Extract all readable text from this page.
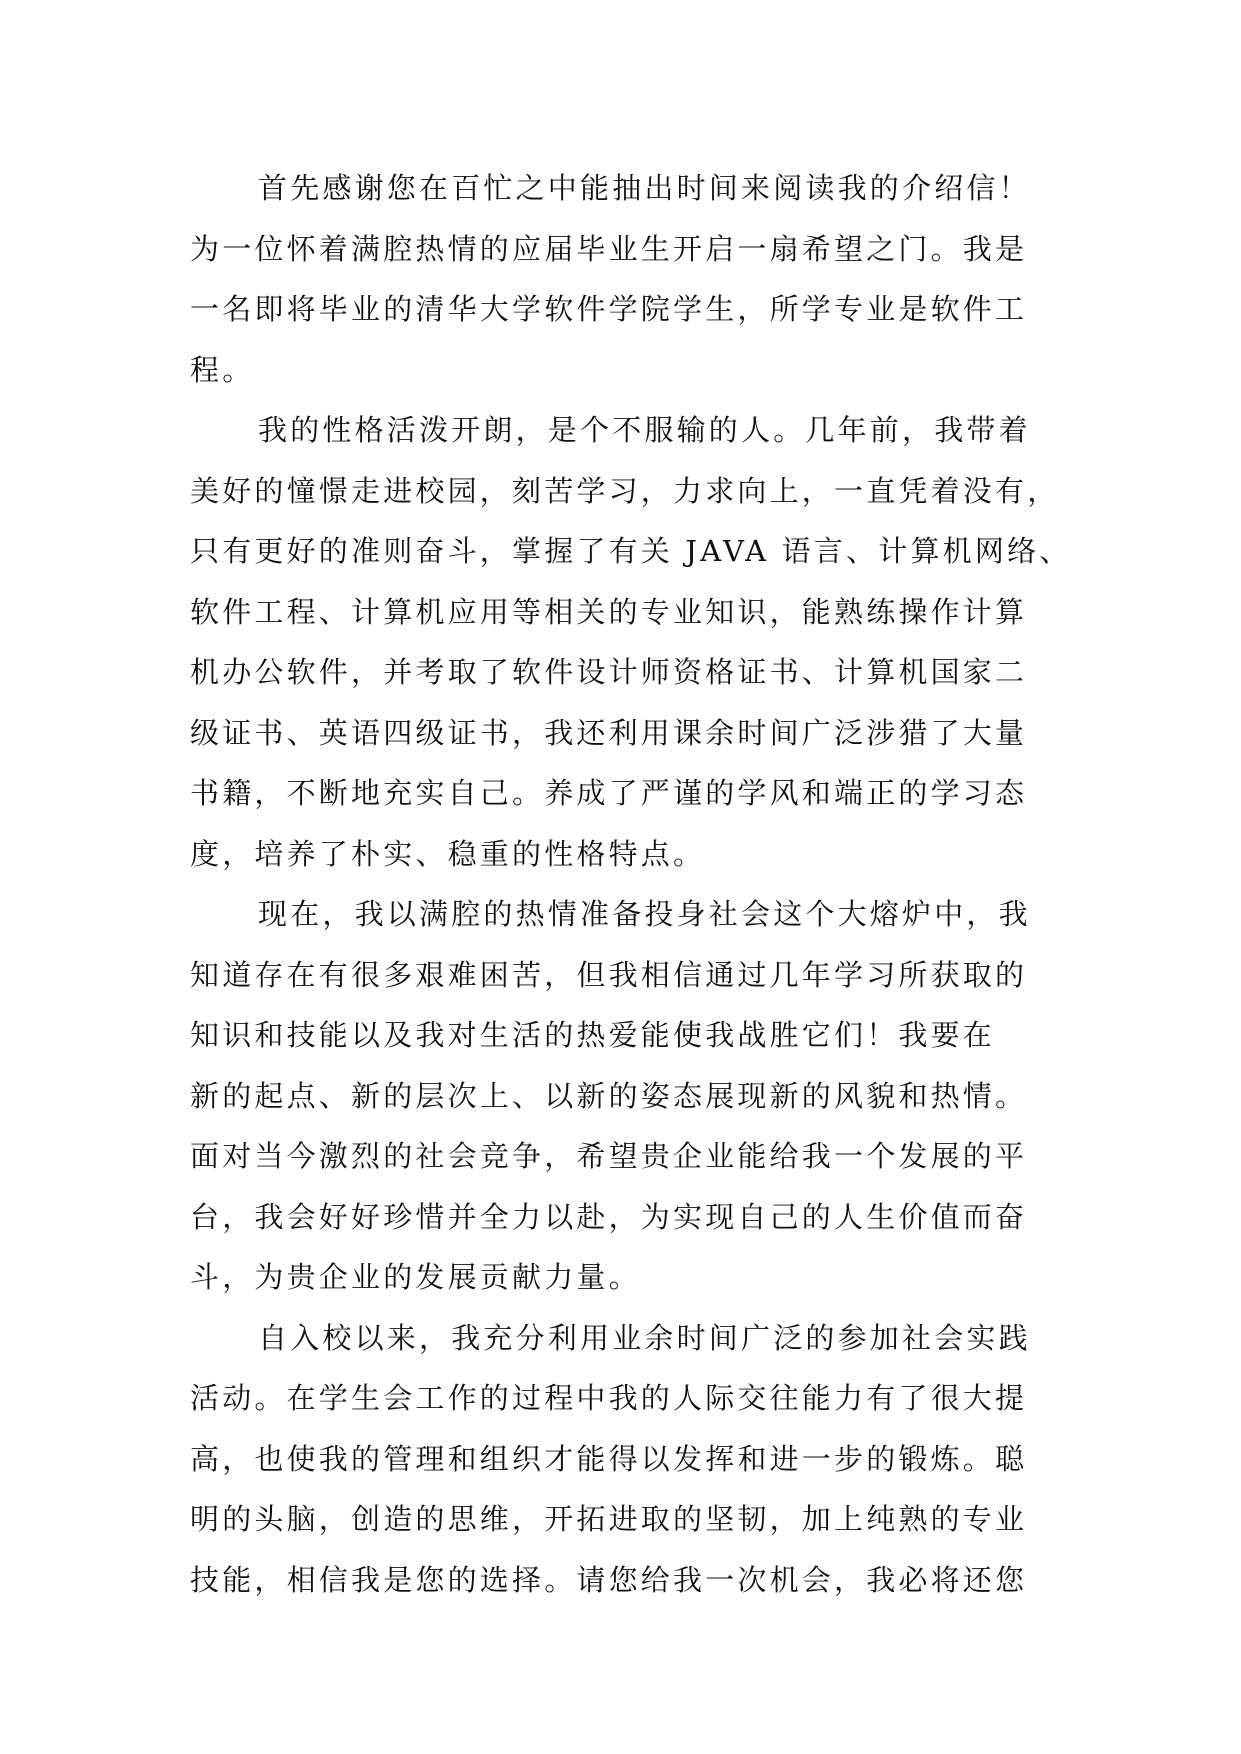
首先感谢您在百忙之中能抽出时间来阅读我的介绍信！
为一位怀着满腔热情的应届毕业生开启一扇希望之门。我是
一名即将毕业的清华大学软件学院学生，所学专业是软件工
程。

我的性格活泼开朗，是个不服输的人。几年前，我带着
美好的憧憬走进校园，刻苦学习，力求向上，一直凭着没有，
只有更好的准则奋斗，掌握了有关 JAVA 语言、计算机网络、
软件工程、计算机应用等相关的专业知识，能熟练操作计算
机办公软件，并考取了软件设计师资格证书、计算机国家二
级证书、英语四级证书，我还利用课余时间广泛涉猎了大量
书籍，不断地充实自己。养成了严谨的学风和端正的学习态
度，培养了朴实、稳重的性格特点。

现在，我以满腔的热情准备投身社会这个大熔炉中，我
知道存在有很多艰难困苦，但我相信通过几年学习所获取的
知识和技能以及我对生活的热爱能使我战胜它们！我要在
新的起点、新的层次上、以新的姿态展现新的风貌和热情。
面对当今激烈的社会竞争，希望贵企业能给我一个发展的平
台，我会好好珍惜并全力以赴，为实现自己的人生价值而奋
斗，为贵企业的发展贡献力量。

自入校以来，我充分利用业余时间广泛的参加社会实践
活动。在学生会工作的过程中我的人际交往能力有了很大提
高，也使我的管理和组织才能得以发挥和进一步的锻炼。聪
明的头脑，创造的思维，开拓进取的坚韧，加上纯熟的专业
技能，相信我是您的选择。请您给我一次机会，我必将还您
